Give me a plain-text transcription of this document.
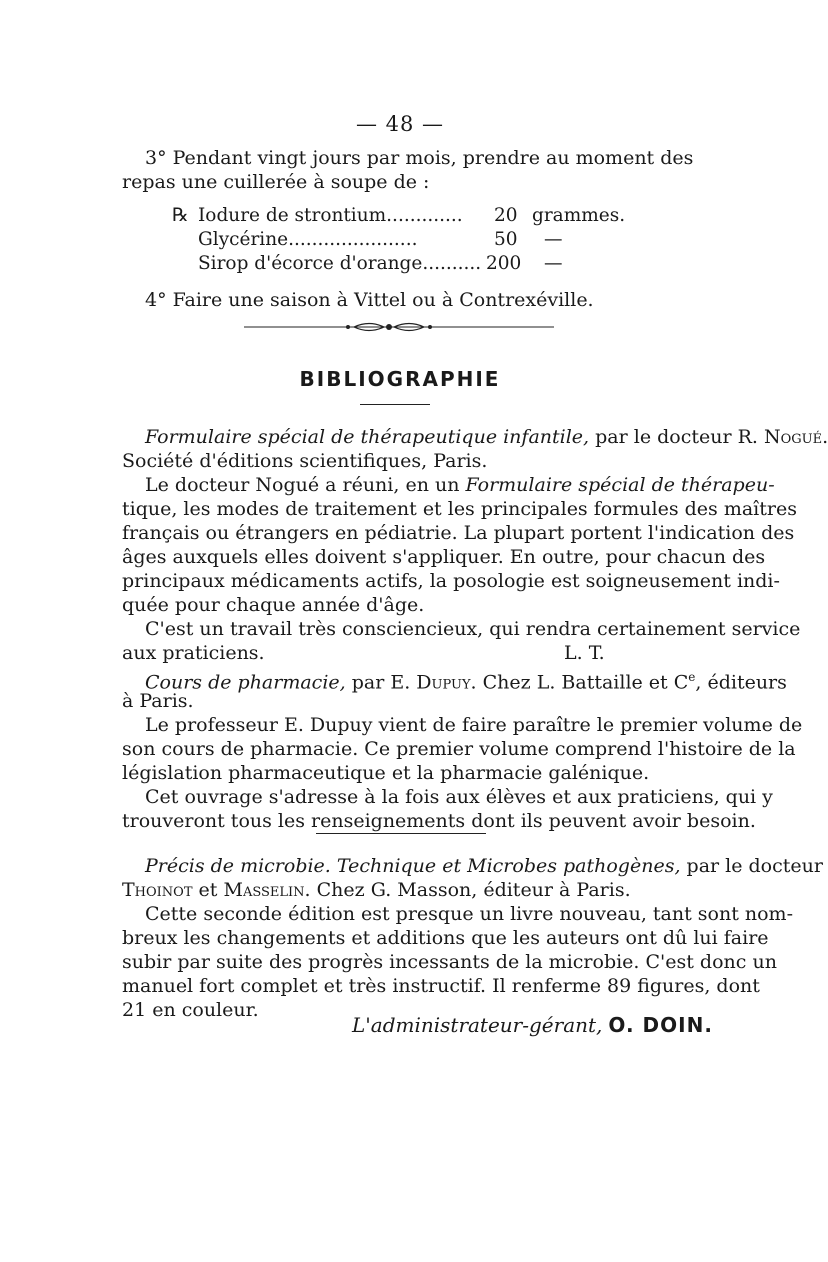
— 48 —
3° Pendant vingt jours par mois, prendre au moment des
repas une cuillerée à soupe de :
℞ Iodure de strontium............. 20 grammes.
Glycérine......................	50 —
Sirop d'écorce d'orange.......... 200 —
4° Faire une saison à Vittel ou à Contrexéville.
BIBLIOGRAPHIE
Formulaire spécial de thérapeutique infantile, par le docteur R. Nogué.
Société d'éditions scientifiques, Paris.
Le docteur Nogué a réuni, en un Formulaire spécial de thérapeu-
tique, les modes de traitement et les principales formules des maîtres
français ou étrangers en pédiatrie. La plupart portent l'indication des
âges auxquels elles doivent s'appliquer. En outre, pour chacun des
principaux médicaments actifs, la posologie est soigneusement indi-
quée pour chaque année d'âge.
C'est un travail très consciencieux, qui rendra certainement service
aux praticiens.	L. T.
Cours de pharmacie, par E. Dupuy. Chez L. Battaille et Ce, éditeurs
à Paris.
Le professeur E. Dupuy vient de faire paraître le premier volume de
son cours de pharmacie. Ce premier volume comprend l'histoire de la
législation pharmaceutique et la pharmacie galénique.
Cet ouvrage s'adresse à la fois aux élèves et aux praticiens, qui y
trouveront tous les renseignements dont ils peuvent avoir besoin.
Précis de microbie. Technique et Microbes pathogènes, par le docteur
Thoinot et Masselin. Chez G. Masson, éditeur à Paris.
Cette seconde édition est presque un livre nouveau, tant sont nom-
breux les changements et additions que les auteurs ont dû lui faire
subir par suite des progrès incessants de la microbie. C'est donc un
manuel fort complet et très instructif. Il renferme 89 figures, dont
21 en couleur.
L'administrateur-gérant, O. DOIN.
